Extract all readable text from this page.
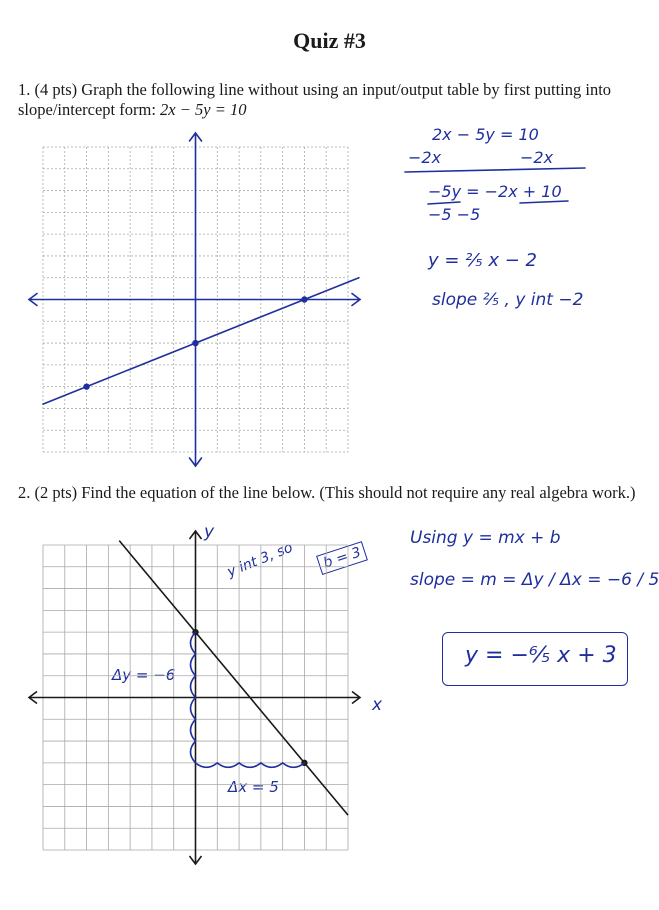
Quiz #3
1. (4 pts) Graph the following line without using an input/output table by first putting into slope/intercept form: 2x − 5y = 10
2x − 5y = 10
−2x	−2x
−5y = −2x + 10
−5 −5
y = ²⁄₅ x − 2
slope ²⁄₅ , y int −2
2. (2 pts) Find the equation of the line below. (This should not require any real algebra work.)
y
x
y int 3, so	b = 3
Δy = −6
Δx = 5
Using y = mx + b
slope = m = Δy / Δx = −6 / 5
y = −⁶⁄₅ x + 3
